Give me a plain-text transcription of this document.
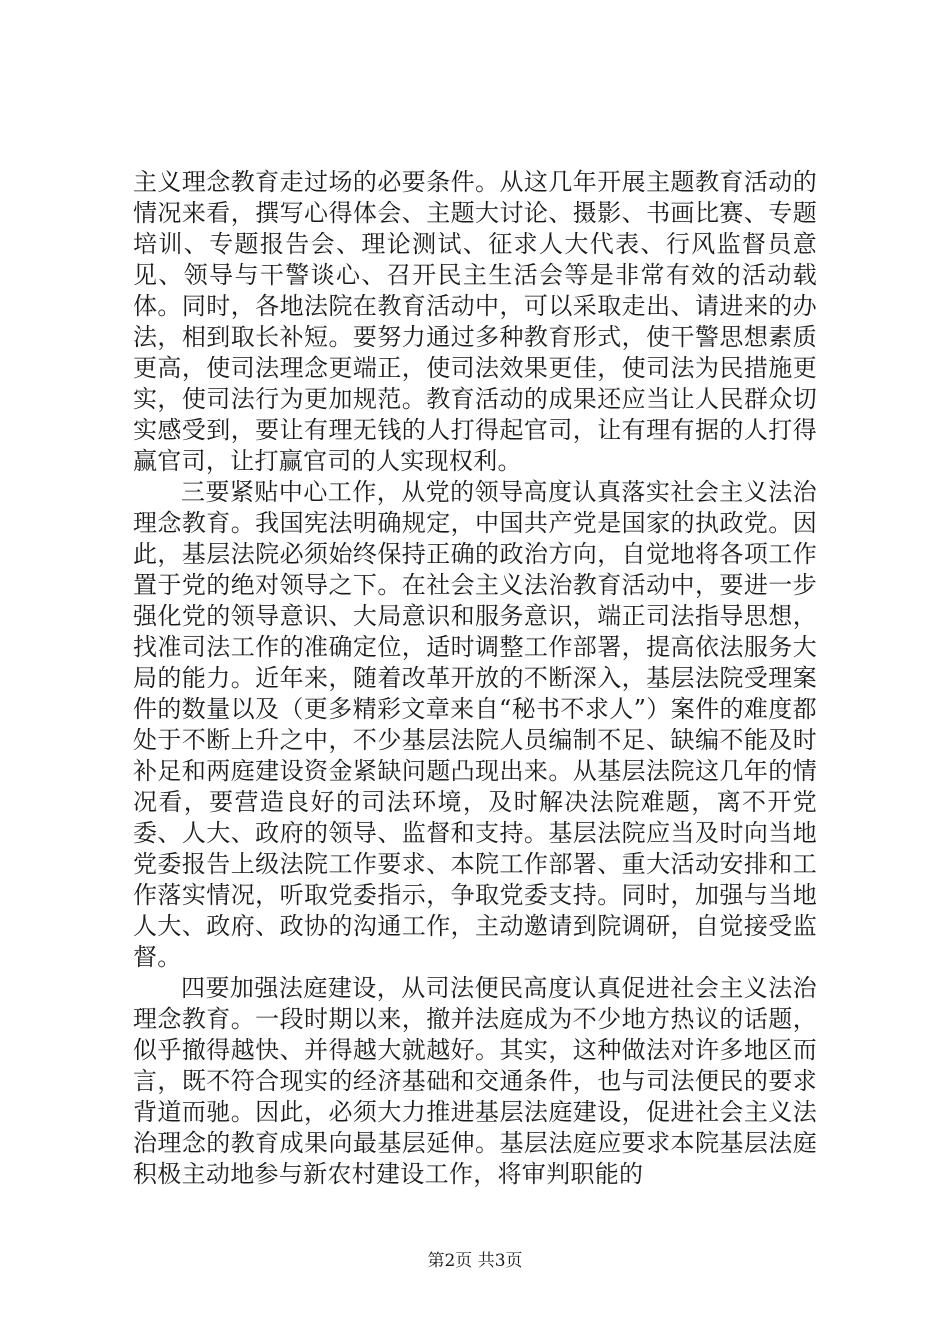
主义理念教育走过场的必要条件。从这几年开展主题教育活动的情况来看，撰写心得体会、主题大讨论、摄影、书画比赛、专题培训、专题报告会、理论测试、征求人大代表、行风监督员意见、领导与干警谈心、召开民主生活会等是非常有效的活动载体。同时，各地法院在教育活动中，可以采取走出、请进来的办法，相到取长补短。要努力通过多种教育形式，使干警思想素质更高，使司法理念更端正，使司法效果更佳，使司法为民措施更实，使司法行为更加规范。教育活动的成果还应当让人民群众切实感受到，要让有理无钱的人打得起官司，让有理有据的人打得赢官司，让打赢官司的人实现权利。

三要紧贴中心工作，从党的领导高度认真落实社会主义法治理念教育。我国宪法明确规定，中国共产党是国家的执政党。因此，基层法院必须始终保持正确的政治方向，自觉地将各项工作置于党的绝对领导之下。在社会主义法治教育活动中，要进一步强化党的领导意识、大局意识和服务意识，端正司法指导思想，找准司法工作的准确定位，适时调整工作部署，提高依法服务大局的能力。近年来，随着改革开放的不断深入，基层法院受理案件的数量以及（更多精彩文章来自“秘书不求人”）案件的难度都处于不断上升之中，不少基层法院人员编制不足、缺编不能及时补足和两庭建设资金紧缺问题凸现出来。从基层法院这几年的情况看，要营造良好的司法环境，及时解决法院难题，离不开党委、人大、政府的领导、监督和支持。基层法院应当及时向当地党委报告上级法院工作要求、本院工作部署、重大活动安排和工作落实情况，听取党委指示，争取党委支持。同时，加强与当地人大、政府、政协的沟通工作，主动邀请到院调研，自觉接受监督。

四要加强法庭建设，从司法便民高度认真促进社会主义法治理念教育。一段时期以来，撤并法庭成为不少地方热议的话题，似乎撤得越快、并得越大就越好。其实，这种做法对许多地区而言，既不符合现实的经济基础和交通条件，也与司法便民的要求背道而驰。因此，必须大力推进基层法庭建设，促进社会主义法治理念的教育成果向最基层延伸。基层法庭应要求本院基层法庭积极主动地参与新农村建设工作，将审判职能的

第2页 共3页
